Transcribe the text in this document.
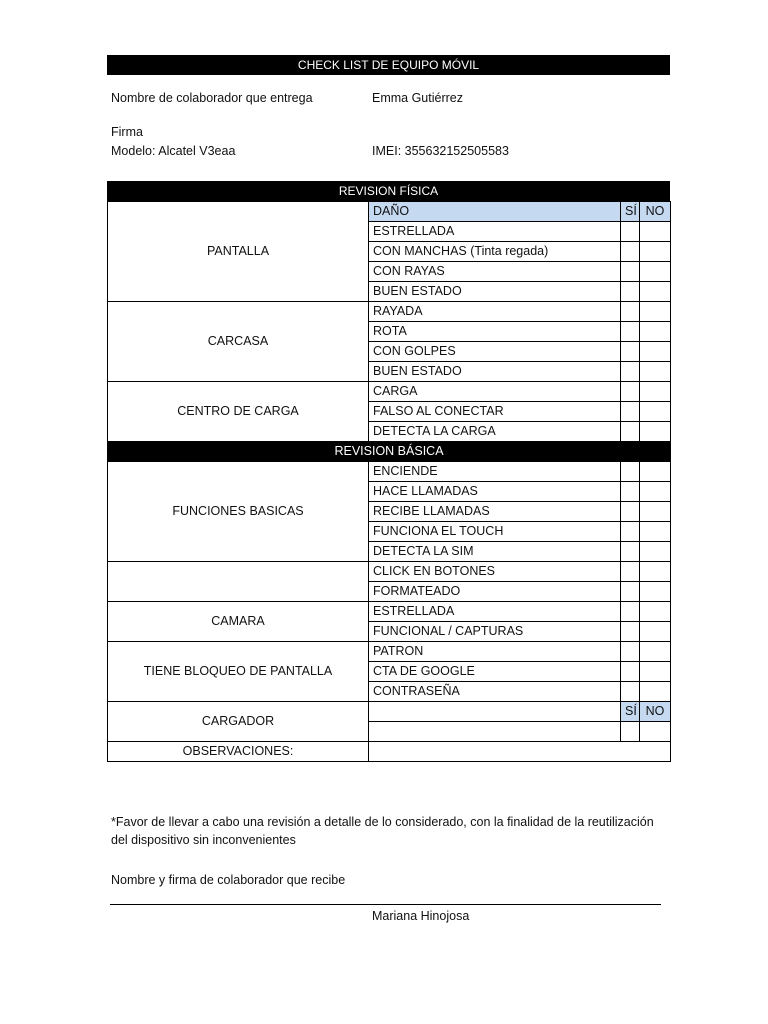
CHECK LIST DE EQUIPO MÓVIL
Nombre de colaborador que entrega	Emma Gutiérrez
Firma
Modelo: Alcatel V3eaa	IMEI: 355632152505583
REVISION FÍSICA
PANTALLA	DAÑO	SÍ	NO
	ESTRELLADA		
	CON MANCHAS (Tinta regada)		
	CON RAYAS		
	BUEN ESTADO		
CARCASA	RAYADA		
	ROTA		
	CON GOLPES		
	BUEN ESTADO		
CENTRO DE CARGA	CARGA		
	FALSO AL CONECTAR		
	DETECTA LA CARGA		
REVISION BÁSICA			
FUNCIONES BASICAS	ENCIENDE		
	HACE LLAMADAS		
	RECIBE LLAMADAS		
	FUNCIONA EL TOUCH		
	DETECTA LA SIM		
	CLICK EN BOTONES		
	FORMATEADO		
CAMARA	ESTRELLADA		
	FUNCIONAL / CAPTURAS		
TIENE BLOQUEO DE PANTALLA	PATRON		
	CTA DE GOOGLE		
	CONTRASEÑA		
CARGADOR		SÍ	NO

OBSERVACIONES:			
*Favor de llevar a cabo una revisión a detalle de lo considerado, con la finalidad de la reutilización
del dispositivo sin inconvenientes
Nombre y firma de colaborador que recibe
Mariana Hinojosa
